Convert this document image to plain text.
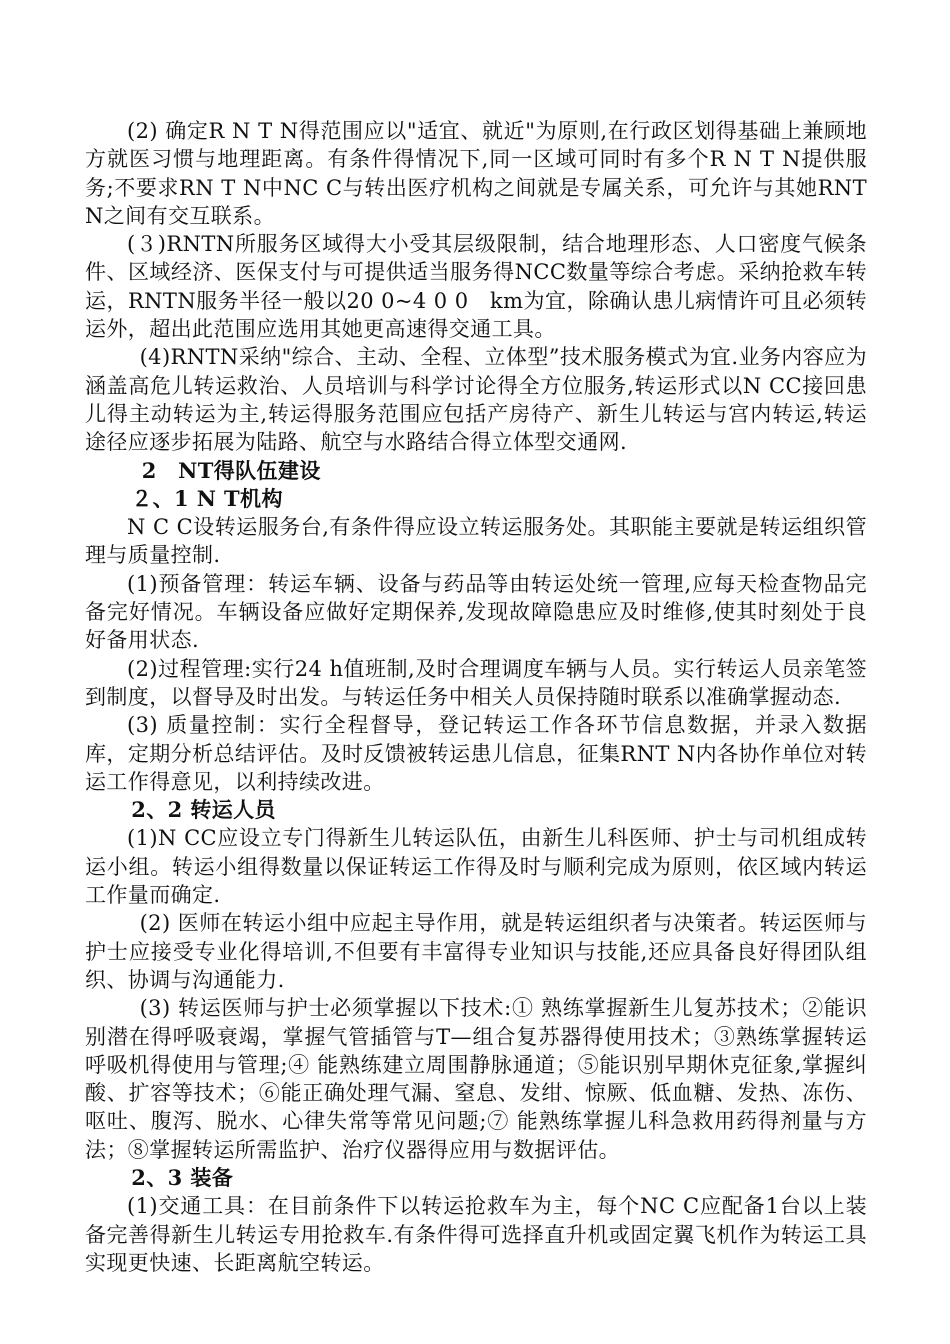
(2) 确定R N T N得范围应以"适宜、就近"为原则,在行政区划得基础上兼顾地方就医习惯与地理距离。有条件得情况下,同一区域可同时有多个R N T N提供服务;不要求RN T N中NC C与转出医疗机构之间就是专属关系，可允许与其她RNTN之间有交互联系。

(３)RNTN所服务区域得大小受其层级限制，结合地理形态、人口密度气候条件、区域经济、医保支付与可提供适当服务得NCC数量等综合考虑。采纳抢救车转运，RNTN服务半径一般以20 0~4 0 0　km为宜，除确认患儿病情许可且必须转运外，超出此范围应选用其她更高速得交通工具。

(4)RNTN采纳"综合、主动、全程、立体型”技术服务模式为宜.业务内容应为涵盖高危儿转运救治、人员培训与科学讨论得全方位服务,转运形式以N CC接回患儿得主动转运为主,转运得服务范围应包括产房待产、新生儿转运与宫内转运,转运途径应逐步拓展为陆路、航空与水路结合得立体型交通网.

2　NT得队伍建设

２、1 N T机构

N C C设转运服务台,有条件得应设立转运服务处。其职能主要就是转运组织管理与质量控制.

(1)预备管理：转运车辆、设备与药品等由转运处统一管理,应每天检查物品完备完好情况。车辆设备应做好定期保养,发现故障隐患应及时维修,使其时刻处于良好备用状态.

(2)过程管理:实行24 h值班制,及时合理调度车辆与人员。实行转运人员亲笔签到制度，以督导及时出发。与转运任务中相关人员保持随时联系以准确掌握动态.

(3) 质量控制：实行全程督导，登记转运工作各环节信息数据，并录入数据库，定期分析总结评估。及时反馈被转运患儿信息，征集RNT N内各协作单位对转运工作得意见，以利持续改进。

2、2 转运人员

(1)N CC应设立专门得新生儿转运队伍，由新生儿科医师、护士与司机组成转运小组。转运小组得数量以保证转运工作得及时与顺利完成为原则，依区域内转运工作量而确定.

(2) 医师在转运小组中应起主导作用，就是转运组织者与决策者。转运医师与护士应接受专业化得培训,不但要有丰富得专业知识与技能,还应具备良好得团队组织、协调与沟通能力.

(3) 转运医师与护士必须掌握以下技术:① 熟练掌握新生儿复苏技术；②能识别潜在得呼吸衰竭，掌握气管插管与T—组合复苏器得使用技术；③熟练掌握转运呼吸机得使用与管理;④ 能熟练建立周围静脉通道；⑤能识别早期休克征象,掌握纠酸、扩容等技术；⑥能正确处理气漏、窒息、发绀、惊厥、低血糖、发热、冻伤、呕吐、腹泻、脱水、心律失常等常见问题;⑦ 能熟练掌握儿科急救用药得剂量与方法；⑧掌握转运所需监护、治疗仪器得应用与数据评估。

2、3 装备

(1)交通工具：在目前条件下以转运抢救车为主，每个NC C应配备1台以上装备完善得新生儿转运专用抢救车.有条件得可选择直升机或固定翼飞机作为转运工具实现更快速、长距离航空转运。
